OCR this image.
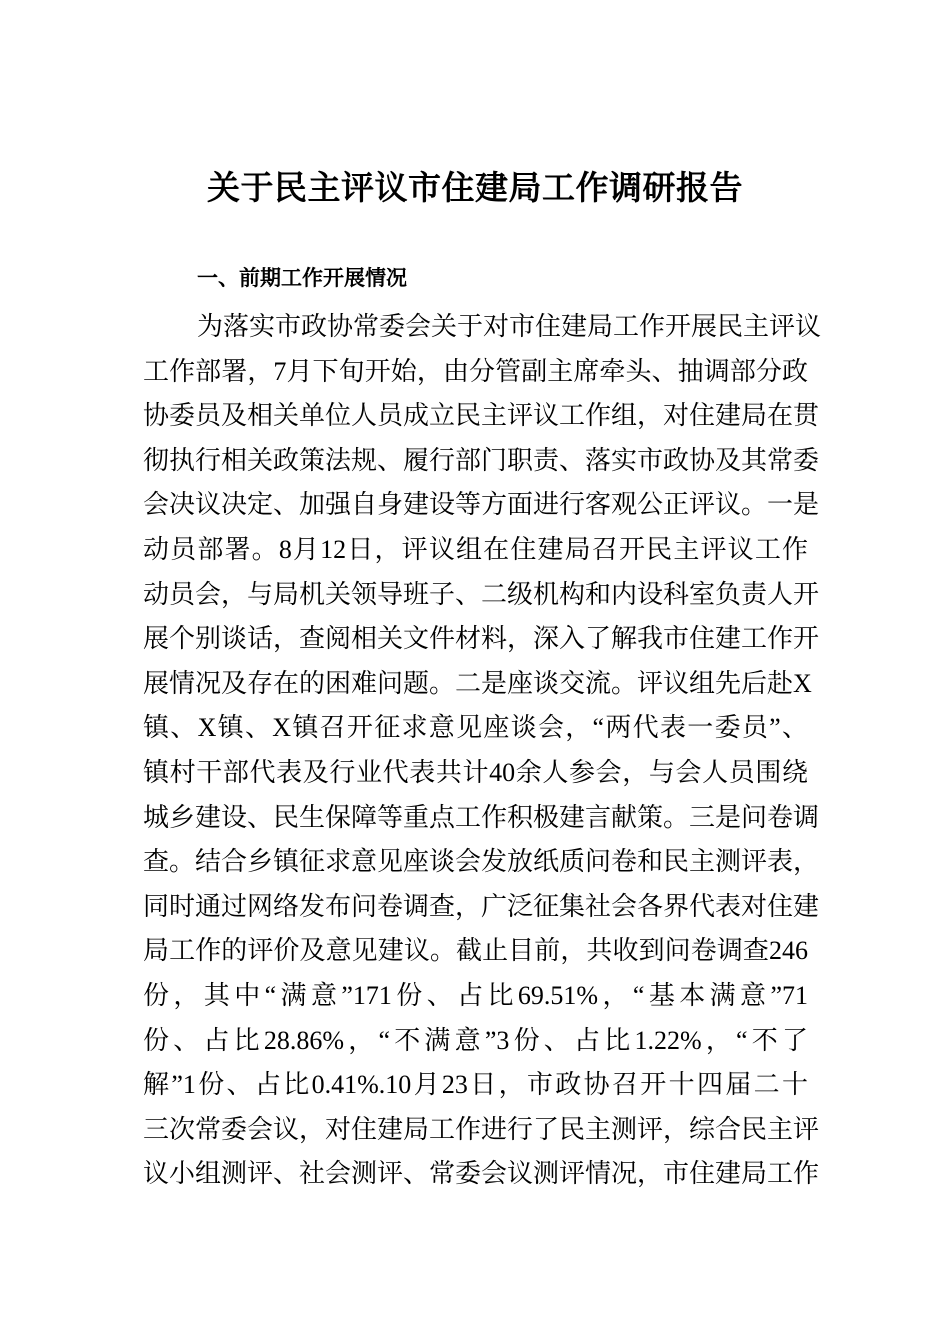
关于民主评议市住建局工作调研报告
一、前期工作开展情况
为落实市政协常委会关于对市住建局工作开展民主评议
工作部署，7月下旬开始，由分管副主席牵头、抽调部分政
协委员及相关单位人员成立民主评议工作组，对住建局在贯
彻执行相关政策法规、履行部门职责、落实市政协及其常委
会决议决定、加强自身建设等方面进行客观公正评议。一是
动员部署。8月12日，评议组在住建局召开民主评议工作
动员会，与局机关领导班子、二级机构和内设科室负责人开
展个别谈话，查阅相关文件材料，深入了解我市住建工作开
展情况及存在的困难问题。二是座谈交流。评议组先后赴X
镇、X镇、X镇召开征求意见座谈会，“两代表一委员”、
镇村干部代表及行业代表共计40余人参会，与会人员围绕
城乡建设、民生保障等重点工作积极建言献策。三是问卷调
查。结合乡镇征求意见座谈会发放纸质问卷和民主测评表，
同时通过网络发布问卷调查，广泛征集社会各界代表对住建
局工作的评价及意见建议。截止目前，共收到问卷调查246
份，其中“满意”171份、占比69.51%，“基本满意”71
份、占比28.86%，“不满意”3份、占比1.22%，“不了
解”1份、占比0.41%.10月23日，市政协召开十四届二十
三次常委会议，对住建局工作进行了民主测评，综合民主评
议小组测评、社会测评、常委会议测评情况，市住建局工作
